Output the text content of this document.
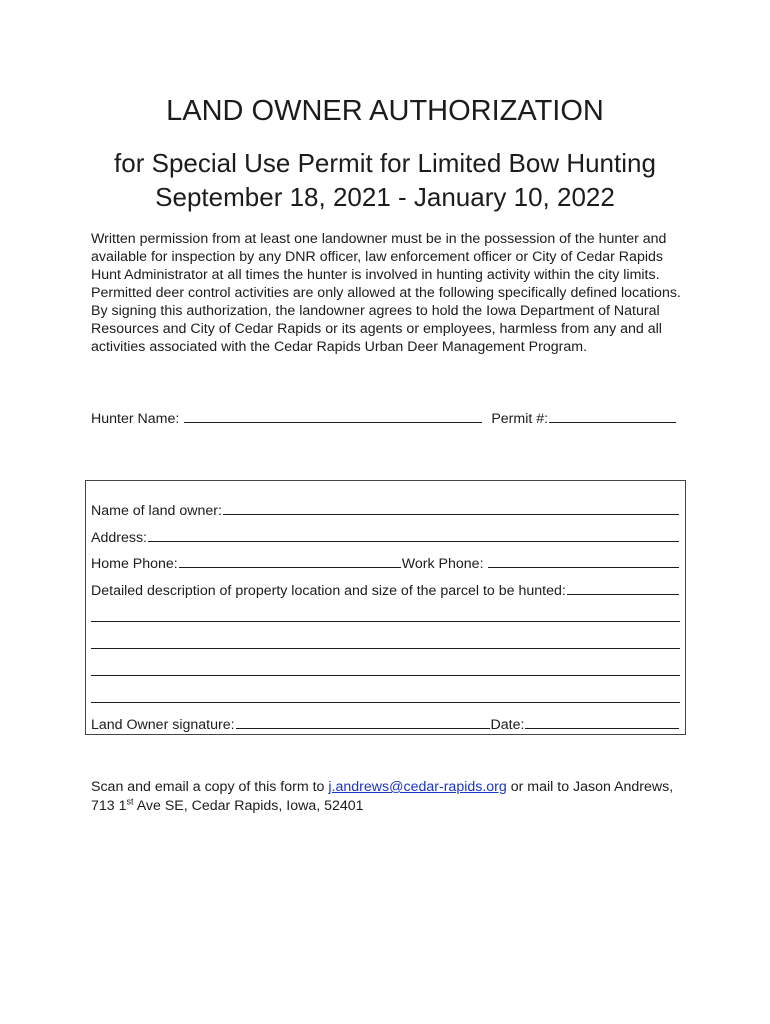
LAND OWNER AUTHORIZATION
for Special Use Permit for Limited Bow Hunting
September 18, 2021 - January 10, 2022

Written permission from at least one landowner must be in the possession of the hunter and available for inspection by any DNR officer, law enforcement officer or City of Cedar Rapids Hunt Administrator at all times the hunter is involved in hunting activity within the city limits. Permitted deer control activities are only allowed at the following specifically defined locations. By signing this authorization, the landowner agrees to hold the Iowa Department of Natural Resources and City of Cedar Rapids or its agents or employees, harmless from any and all activities associated with the Cedar Rapids Urban Deer Management Program.

Hunter Name:	Permit #:
Name of land owner:
Address:
Home Phone:	Work Phone:
Detailed description of property location and size of the parcel to be hunted:
Land Owner signature:	Date:

Scan and email a copy of this form to j.andrews@cedar-rapids.org or mail to Jason Andrews, 713 1st Ave SE, Cedar Rapids, Iowa, 52401
